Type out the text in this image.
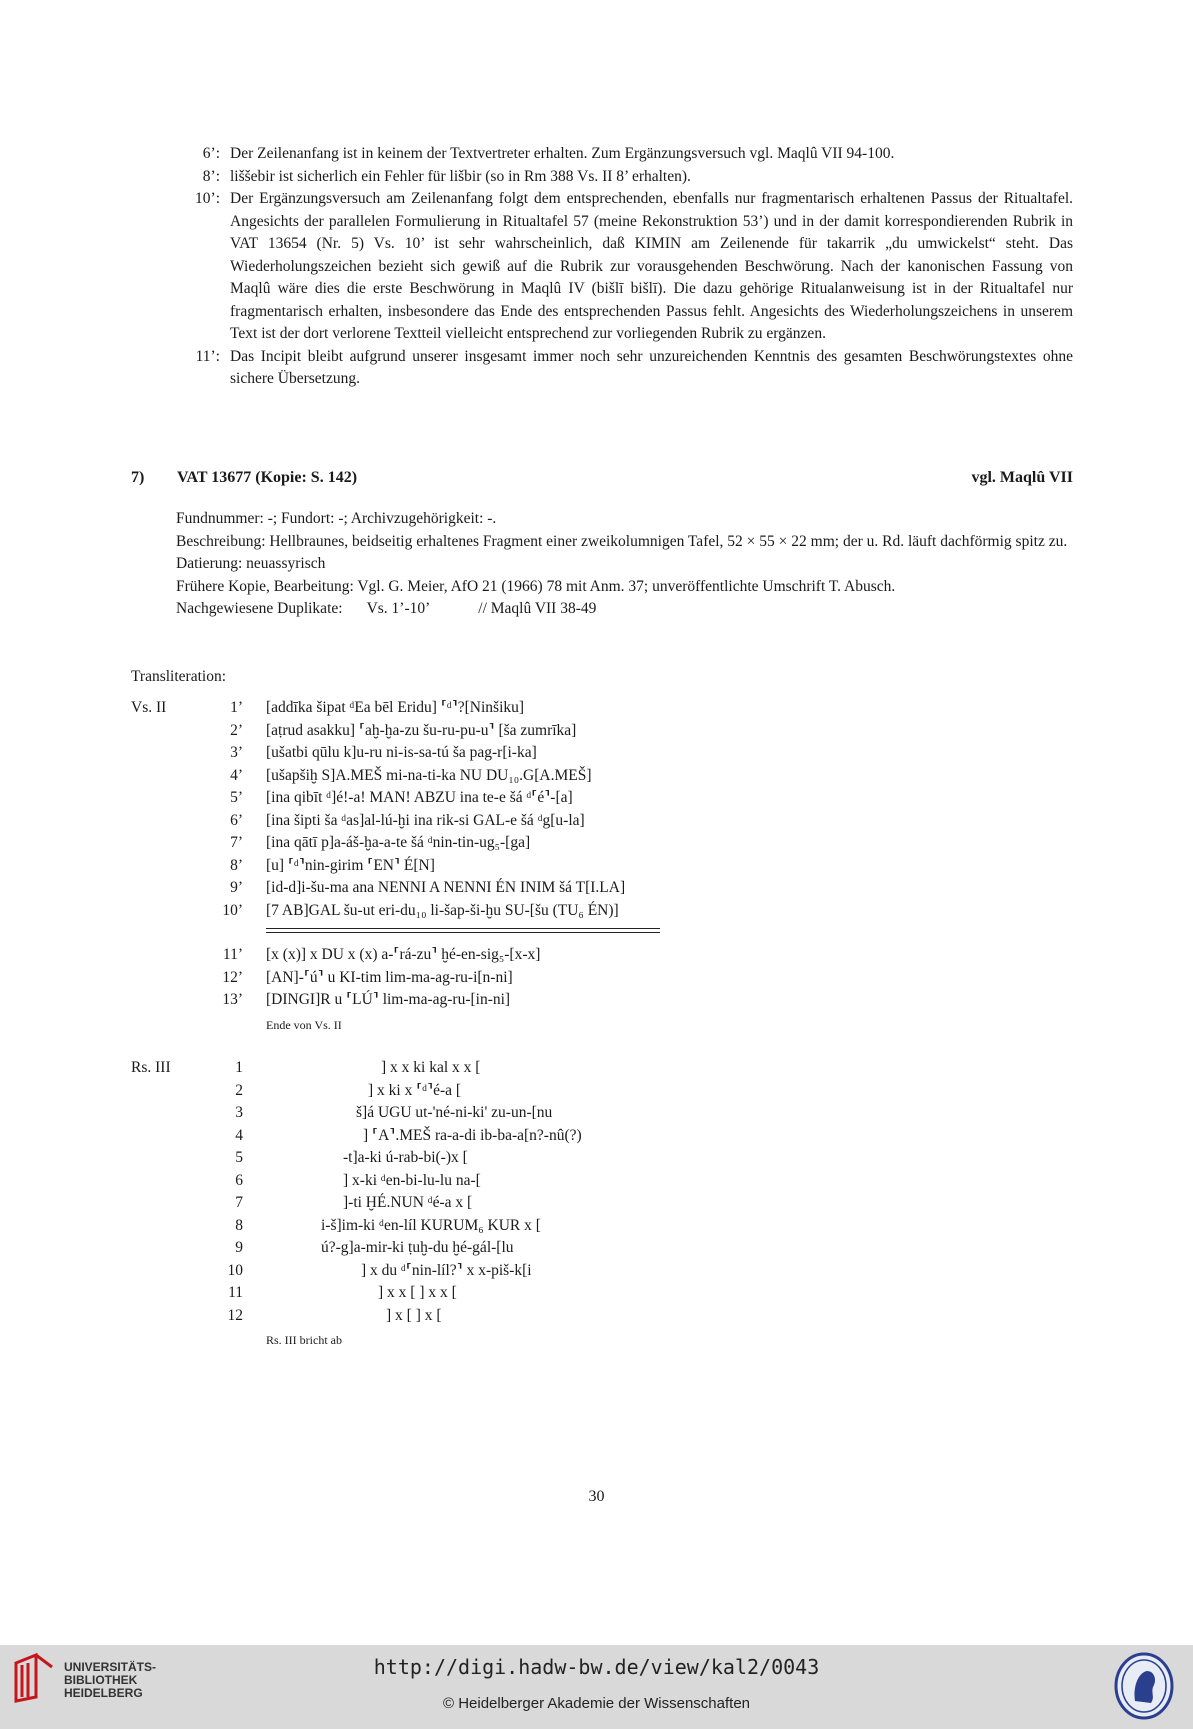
6’: Der Zeilenanfang ist in keinem der Textvertreter erhalten. Zum Ergänzungsversuch vgl. Maqlû VII 94-100.
8’: liššebir ist sicherlich ein Fehler für lišbir (so in Rm 388 Vs. II 8’ erhalten).
10’: Der Ergänzungsversuch am Zeilenanfang folgt dem entsprechenden, ebenfalls nur fragmentarisch erhaltenen Passus der Ritualtafel. Angesichts der parallelen Formulierung in Ritualtafel 57 (meine Rekonstruktion 53’) und in der damit korrespondierenden Rubrik in VAT 13654 (Nr. 5) Vs. 10’ ist sehr wahrscheinlich, daß KIMIN am Zeilenende für takarrik „du umwickelst“ steht. Das Wiederholungszeichen bezieht sich gewiß auf die Rubrik zur vorausgehenden Beschwörung. Nach der kanonischen Fassung von Maqlû wäre dies die erste Beschwörung in Maqlû IV (bišlī bišlī). Die dazu gehörige Ritualanweisung ist in der Ritualtafel nur fragmentarisch erhalten, insbesondere das Ende des entsprechenden Passus fehlt. Angesichts des Wiederholungszeichens in unserem Text ist der dort verlorene Textteil vielleicht entsprechend zur vorliegenden Rubrik zu ergänzen.
11’: Das Incipit bleibt aufgrund unserer insgesamt immer noch sehr unzureichenden Kenntnis des gesamten Beschwörungstextes ohne sichere Übersetzung.
7)	VAT 13677 (Kopie: S. 142)	vgl. Maqlû VII
Fundnummer: -; Fundort: -; Archivzugehörigkeit: -.
Beschreibung: Hellbraunes, beidseitig erhaltenes Fragment einer zweikolumnigen Tafel, 52 × 55 × 22 mm; der u. Rd. läuft dachförmig spitz zu.
Datierung: neuassyrisch
Frühere Kopie, Bearbeitung: Vgl. G. Meier, AfO 21 (1966) 78 mit Anm. 37; unveröffentlichte Umschrift T. Abusch.
Nachgewiesene Duplikate: Vs. 1’-10’	// Maqlû VII 38-49
Transliteration:
Vs. II	1’ [addīka šipat ᵈEa bēl Eridu] ⸢ᵈ⸣?[Ninšiku]
2’ [aṭrud asakku] ⸢aḫ-ḫa-zu šu-ru-pu-u⸣ [ša zumrīka]
3’ [ušatbi qūlu k]u-ru ni-is-sa-tú ša pag-r[i-ka]
4’ [ušapšiḫ S]A.MEŠ mi-na-ti-ka NU DU₁₀.G[A.MEŠ]
5’ [ina qibīt ᵈ]é!-a! MAN! ABZU ina te-e šá ᵈ⸢é⸣-[a]
6’ [ina šipti ša ᵈas]al-lú-ḫi ina rik-si GAL-e šá ᵈg[u-la]
7’ [ina qātī p]a-áš-ḫa-a-te šá ᵈnin-tin-ug₅-[ga]
8’ [u] ⸢ᵈ⸣nin-girim ⸢EN⸣ É[N]
9’ [id-d]i-šu-ma ana NENNI A NENNI ÉN INIM šá T[I.LA]
10’ [7 AB]GAL šu-ut eri-du₁₀ li-šap-ši-ḫu SU-[šu (TU₆ ÉN)]
11’ [x (x)] x DU x (x) a-⸢rá-zu⸣ ḫé-en-sig₅-[x-x]
12’ [AN]-⸢ú⸣ u KI-tim lim-ma-ag-ru-i[n-ni]
13’ [DINGI]R u ⸢LÚ⸣ lim-ma-ag-ru-[in-ni]
Ende von Vs. II
Rs. III	1	] x x ki kal x x [
2	] x ki x ⸢ᵈ⸣é-a [
3	š]á UGU ut-'né-ni-ki' zu-un-[nu
4	] ⸢A⸣.MEŠ ra-a-di ib-ba-a[n?-nû(?)
5	-t]a-ki ú-rab-bi(-)x [
6	] x-ki ᵈen-bi-lu-lu na-[
7	]-ti ḪÉ.NUN ᵈé-a x [
8	i-š]im-ki ᵈen-líl KURUM₆ KUR x [
9	ú?-g]a-mir-ki ṭuḫ-du ḫé-gál-[lu
10	] x du ᵈ⸢nin-líl?⸣ x x-piš-k[i
11	] x x [ ] x x [
12	] x [ ] x [
Rs. III bricht ab
30
UNIVERSITÄTS-
BIBLIOTHEK
HEIDELBERG
http://digi.hadw-bw.de/view/kal2/0043
© Heidelberger Akademie der Wissenschaften
